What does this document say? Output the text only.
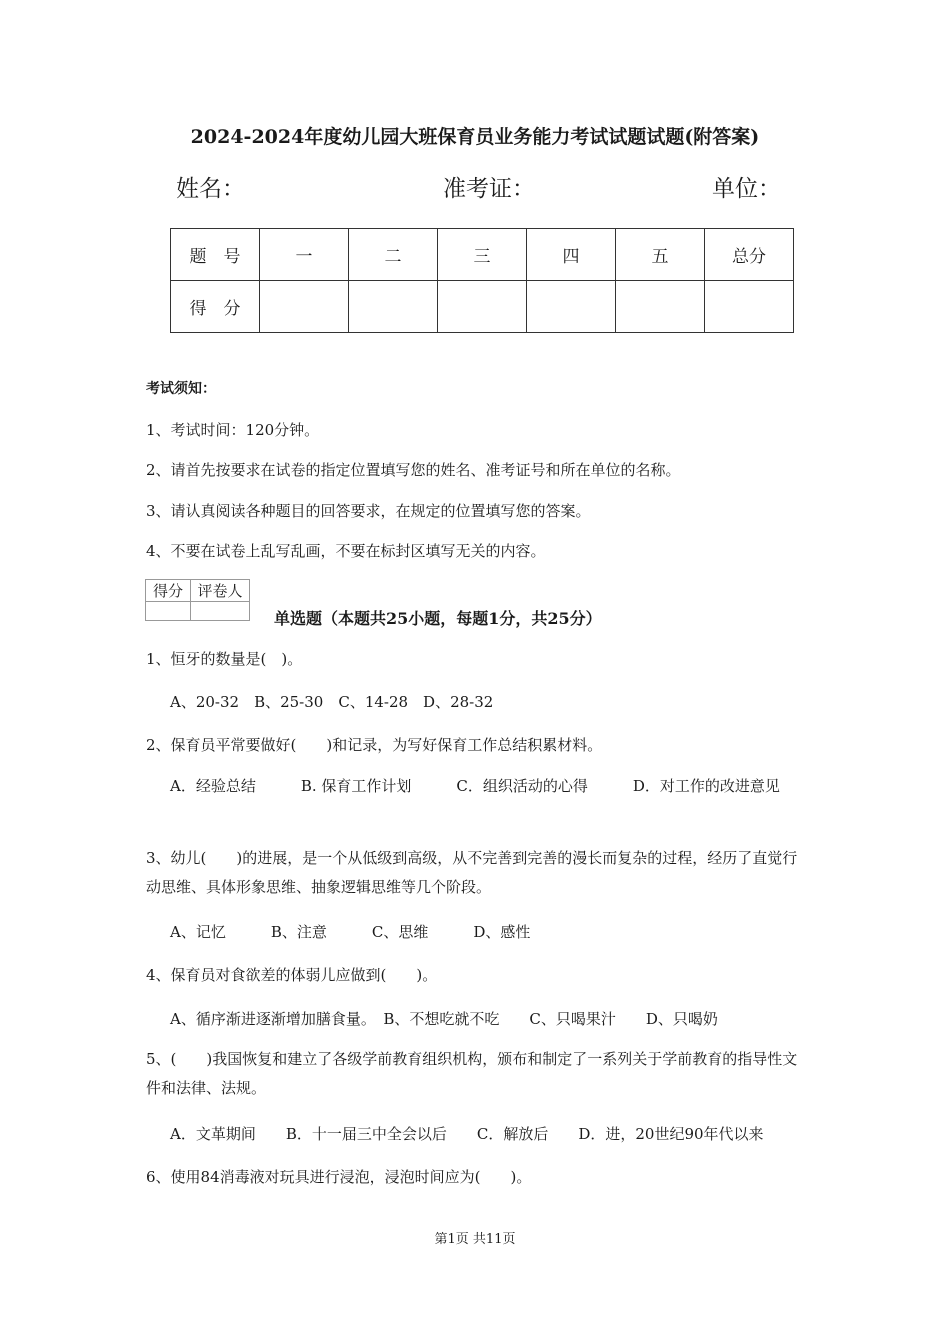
2024-2024年度幼儿园大班保育员业务能力考试试题试题(附答案)
姓名：	准考证：	单位：
题　号	一	二	三	四	五	总分
得　分						
考试须知：
1、考试时间：120分钟。
2、请首先按要求在试卷的指定位置填写您的姓名、准考证号和所在单位的名称。
3、请认真阅读各种题目的回答要求，在规定的位置填写您的答案。
4、不要在试卷上乱写乱画，不要在标封区填写无关的内容。
得分	评卷人

单选题（本题共25小题，每题1分，共25分）
1、恒牙的数量是(　)。
A、20-32　B、25-30　C、14-28　D、28-32
2、保育员平常要做好(　　)和记录，为写好保育工作总结积累材料。
A．经验总结　　　B. 保育工作计划　　　C．组织活动的心得　　　D．对工作的改进意见
3、幼儿(　　)的进展，是一个从低级到高级，从不完善到完善的漫长而复杂的过程，经历了直觉行动思维、具体形象思维、抽象逻辑思维等几个阶段。
A、记忆　　　B、注意　　　C、思维　　　D、感性
4、保育员对食欲差的体弱儿应做到(　　)。
A、循序渐进逐渐增加膳食量。　B、不想吃就不吃　　C、只喝果汁　　D、只喝奶
5、(　　)我国恢复和建立了各级学前教育组织机构，颁布和制定了一系列关于学前教育的指导性文件和法律、法规。
A．文革期间　　B．十一届三中全会以后　　C．解放后　　D．进，20世纪90年代以来
6、使用84消毒液对玩具进行浸泡，浸泡时间应为(　　)。
第1页 共11页
